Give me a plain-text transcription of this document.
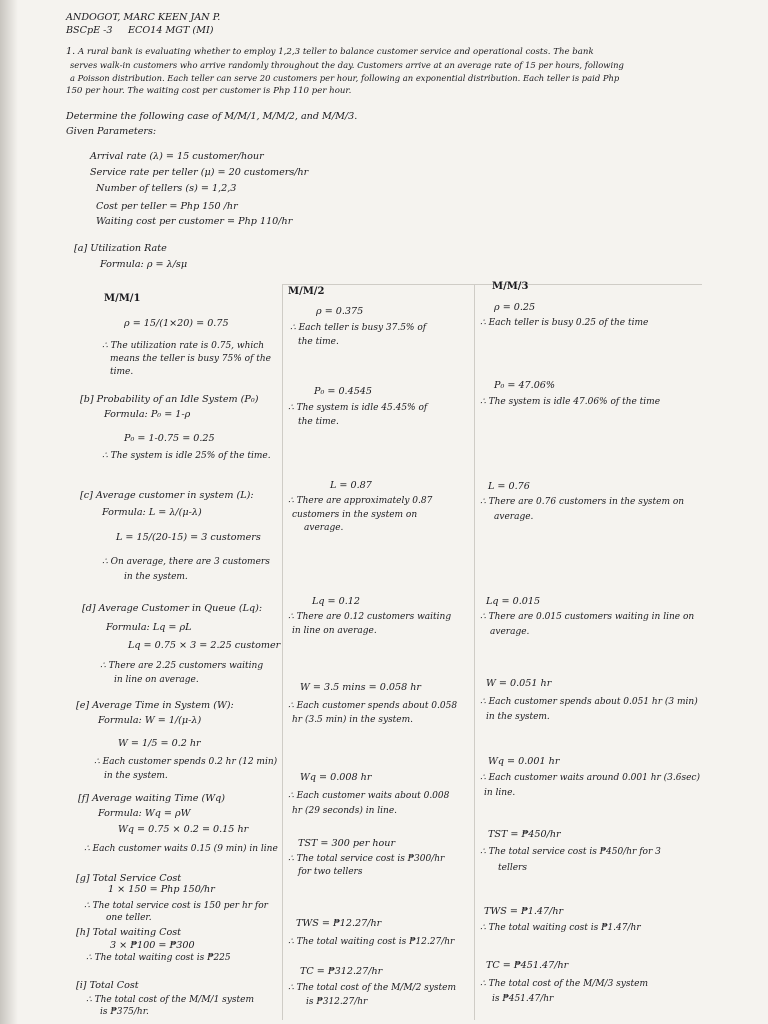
ANDOGOT, MARC KEEN JAN P.
BSCpE -3 ECO14 MGT (MI)
1. A rural bank is evaluating whether to employ 1,2,3 teller to balance customer service and operational costs. The bank
serves walk-in customers who arrive randomly throughout the day. Customers arrive at an average rate of 15 per hours, following
a Poisson distribution. Each teller can serve 20 customers per hour, following an exponential distribution. Each teller is paid Php
150 per hour. The waiting cost per customer is Php 110 per hour.
Determine the following case of M/M/1, M/M/2, and M/M/3.
Given Parameters:
Arrival rate (λ) = 15 customer/hour
Service rate per teller (μ) = 20 customers/hr
Number of tellers (s) = 1,2,3
Cost per teller = Php 150 /hr
Waiting cost per customer = Php 110/hr
[a] Utilization Rate
Formula: ρ = λ/sμ
M/M/1
M/M/2	M/M/3
ρ = 15/(1×20) = 0.75
∴ The utilization rate is 0.75, which
means the teller is busy 75% of the
time.
ρ = 0.375
∴ Each teller is busy 37.5% of
the time.
ρ = 0.25
∴ Each teller is busy 0.25 of the time
[b] Probability of an Idle System (P₀)
Formula: P₀ = 1-ρ
P₀ = 1-0.75 = 0.25
∴ The system is idle 25% of the time.
P₀ = 0.4545
∴ The system is idle 45.45% of
the time.
P₀ = 47.06%
∴ The system is idle 47.06% of the time
[c] Average customer in system (L):
Formula: L = λ/(μ-λ)
L = 15/(20-15) = 3 customers
∴ On average, there are 3 customers
in the system.
L = 0.87
∴ There are approximately 0.87
customers in the system on
average.
L = 0.76
∴ There are 0.76 customers in the system on
average.
[d] Average Customer in Queue (Lq):
Formula: Lq = ρL
Lq = 0.75 × 3 = 2.25 customer
∴ There are 2.25 customers waiting
in line on average.
Lq = 0.12
∴ There are 0.12 customers waiting
in line on average.
Lq = 0.015
∴ There are 0.015 customers waiting in line on
average.
[e] Average Time in System (W):
Formula: W = 1/(μ-λ)
W = 1/5 = 0.2 hr
∴ Each customer spends 0.2 hr (12 min)
in the system.
W = 3.5 mins = 0.058 hr
∴ Each customer spends about 0.058
hr (3.5 min) in the system.
W = 0.051 hr
∴ Each customer spends about 0.051 hr (3 min)
in the system.
[f] Average waiting Time (Wq)
Formula: Wq = ρW
Wq = 0.75 × 0.2 = 0.15 hr
∴ Each customer waits 0.15 (9 min) in line
Wq = 0.008 hr
∴ Each customer waits about 0.008
hr (29 seconds) in line.
Wq = 0.001 hr
∴ Each customer waits around 0.001 hr (3.6sec)
in line.
[g] Total Service Cost
1 × 150 = Php 150/hr
∴ The total service cost is 150 per hr for
one teller.
TST = 300 per hour
∴ The total service cost is ₱300/hr
for two tellers
TST = ₱450/hr
∴ The total service cost is ₱450/hr for 3
tellers
[h] Total waiting Cost
3 × ₱100 = ₱300
∴ The total waiting cost is ₱225
TWS = ₱12.27/hr
∴ The total waiting cost is ₱12.27/hr
TWS = ₱1.47/hr
∴ The total waiting cost is ₱1.47/hr
[i] Total Cost
∴ The total cost of the M/M/1 system
is ₱375/hr.
TC = ₱312.27/hr
∴ The total cost of the M/M/2 system
is ₱312.27/hr
TC = ₱451.47/hr
∴ The total cost of the M/M/3 system
is ₱451.47/hr
